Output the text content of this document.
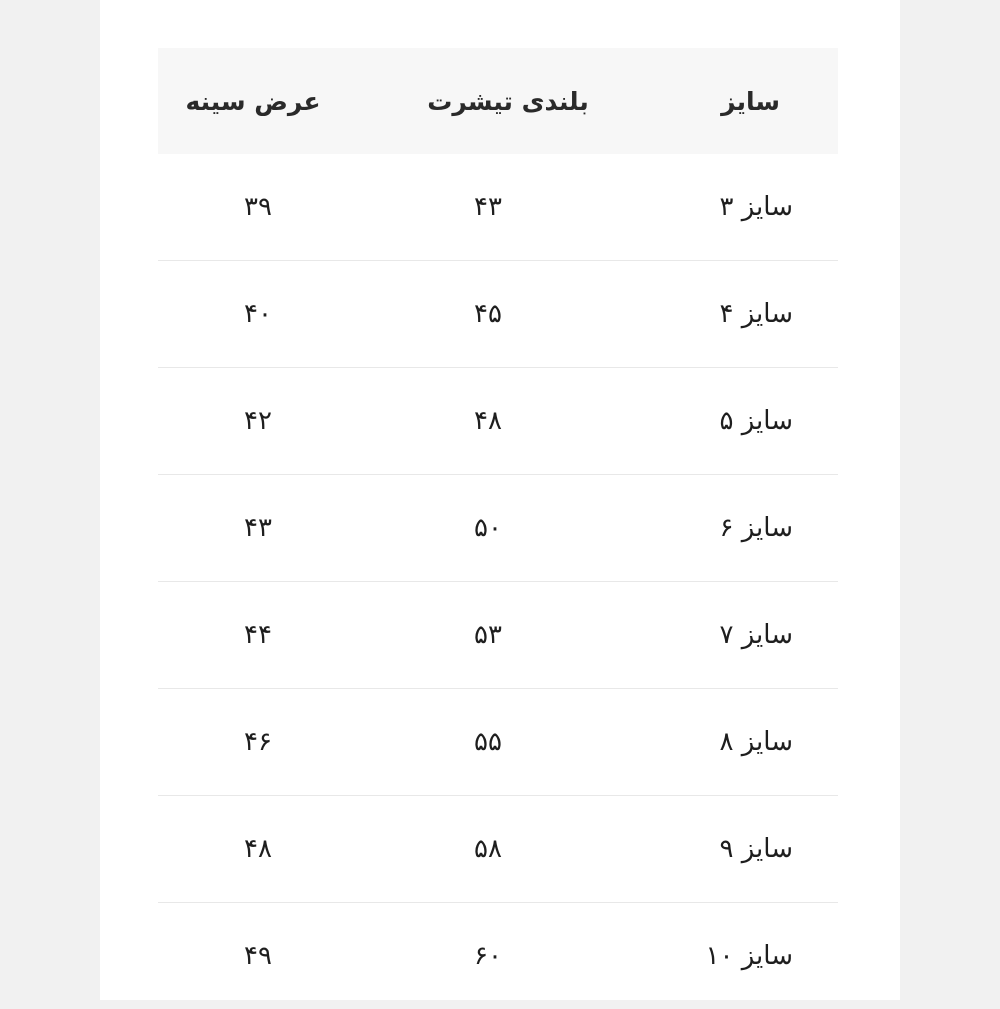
سایز	بلندی تیشرت	عرض سینه
سایز ۳	۴۳	۳۹
سایز ۴	۴۵	۴۰
سایز ۵	۴۸	۴۲
سایز ۶	۵۰	۴۳
سایز ۷	۵۳	۴۴
سایز ۸	۵۵	۴۶
سایز ۹	۵۸	۴۸
سایز ۱۰	۶۰	۴۹
